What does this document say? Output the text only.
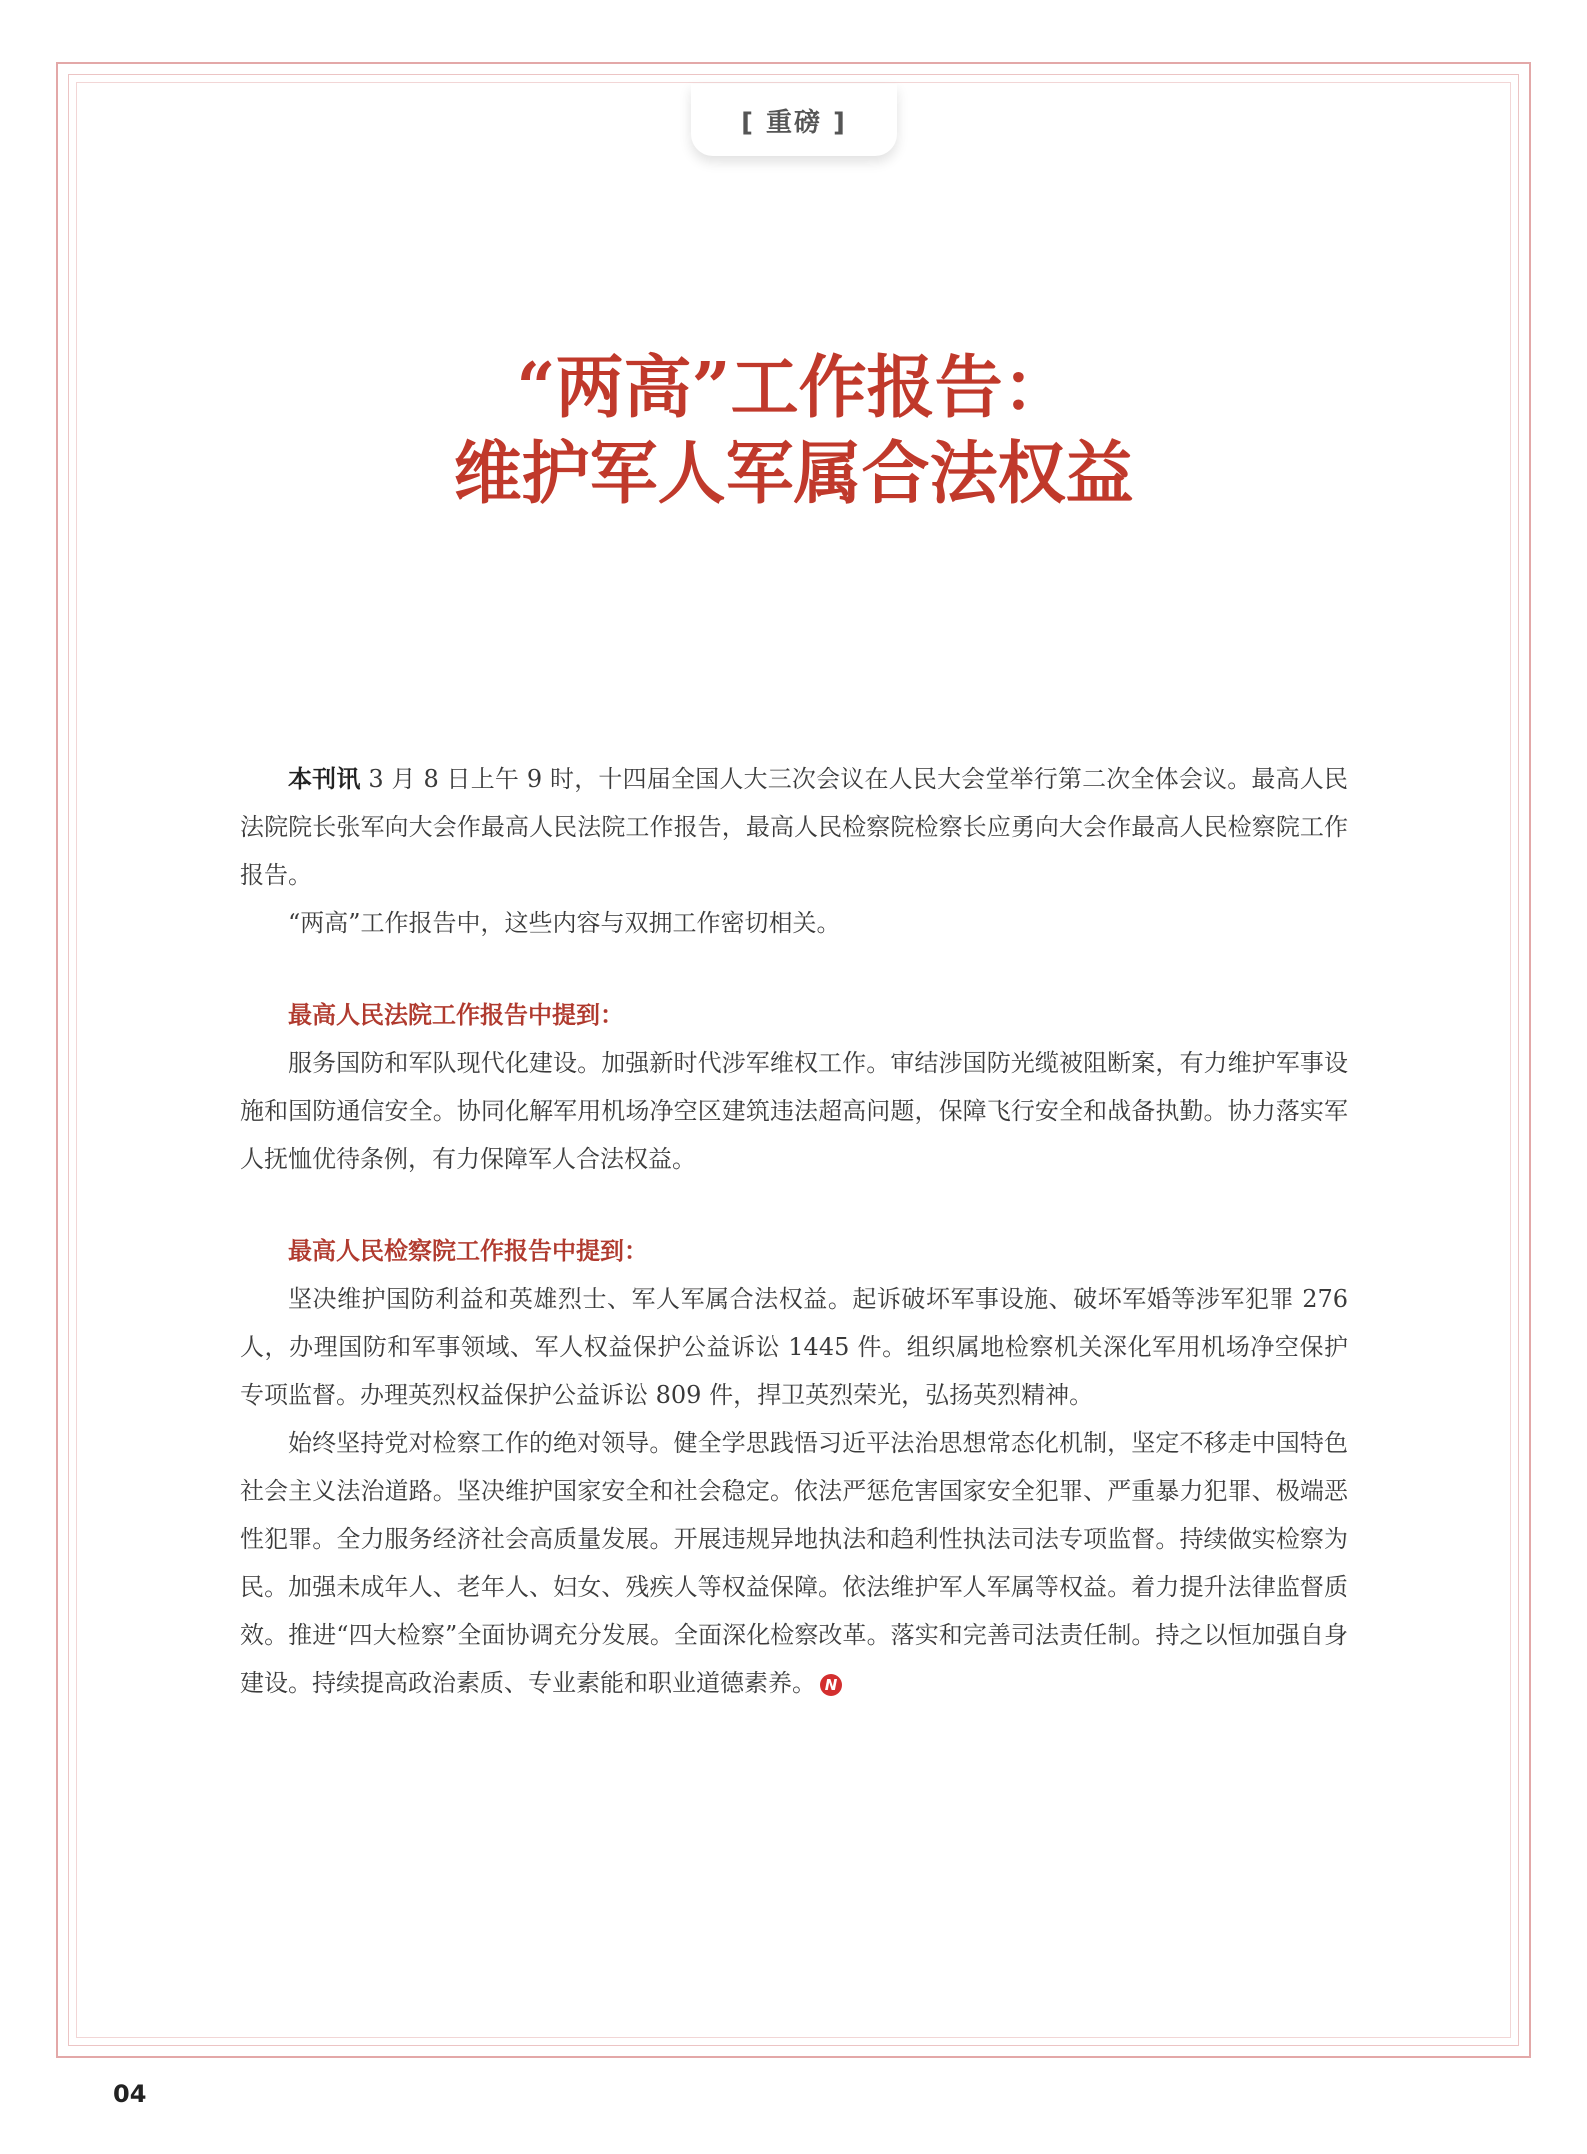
[ 重磅 ]
“两高”工作报告：
维护军人军属合法权益

本刊讯 3 月 8 日上午 9 时，十四届全国人大三次会议在人民大会堂举行第二次全体会议。最高人民法院院长张军向大会作最高人民法院工作报告，最高人民检察院检察长应勇向大会作最高人民检察院工作报告。

“两高”工作报告中，这些内容与双拥工作密切相关。

最高人民法院工作报告中提到：

服务国防和军队现代化建设。加强新时代涉军维权工作。审结涉国防光缆被阻断案，有力维护军事设施和国防通信安全。协同化解军用机场净空区建筑违法超高问题，保障飞行安全和战备执勤。协力落实军人抚恤优待条例，有力保障军人合法权益。

最高人民检察院工作报告中提到：

坚决维护国防利益和英雄烈士、军人军属合法权益。起诉破坏军事设施、破坏军婚等涉军犯罪 276 人，办理国防和军事领域、军人权益保护公益诉讼 1445 件。组织属地检察机关深化军用机场净空保护专项监督。办理英烈权益保护公益诉讼 809 件，捍卫英烈荣光，弘扬英烈精神。

始终坚持党对检察工作的绝对领导。健全学思践悟习近平法治思想常态化机制，坚定不移走中国特色社会主义法治道路。坚决维护国家安全和社会稳定。依法严惩危害国家安全犯罪、严重暴力犯罪、极端恶性犯罪。全力服务经济社会高质量发展。开展违规异地执法和趋利性执法司法专项监督。持续做实检察为民。加强未成年人、老年人、妇女、残疾人等权益保障。依法维护军人军属等权益。着力提升法律监督质效。推进“四大检察”全面协调充分发展。全面深化检察改革。落实和完善司法责任制。持之以恒加强自身建设。持续提高政治素质、专业素能和职业道德素养。 N

04
